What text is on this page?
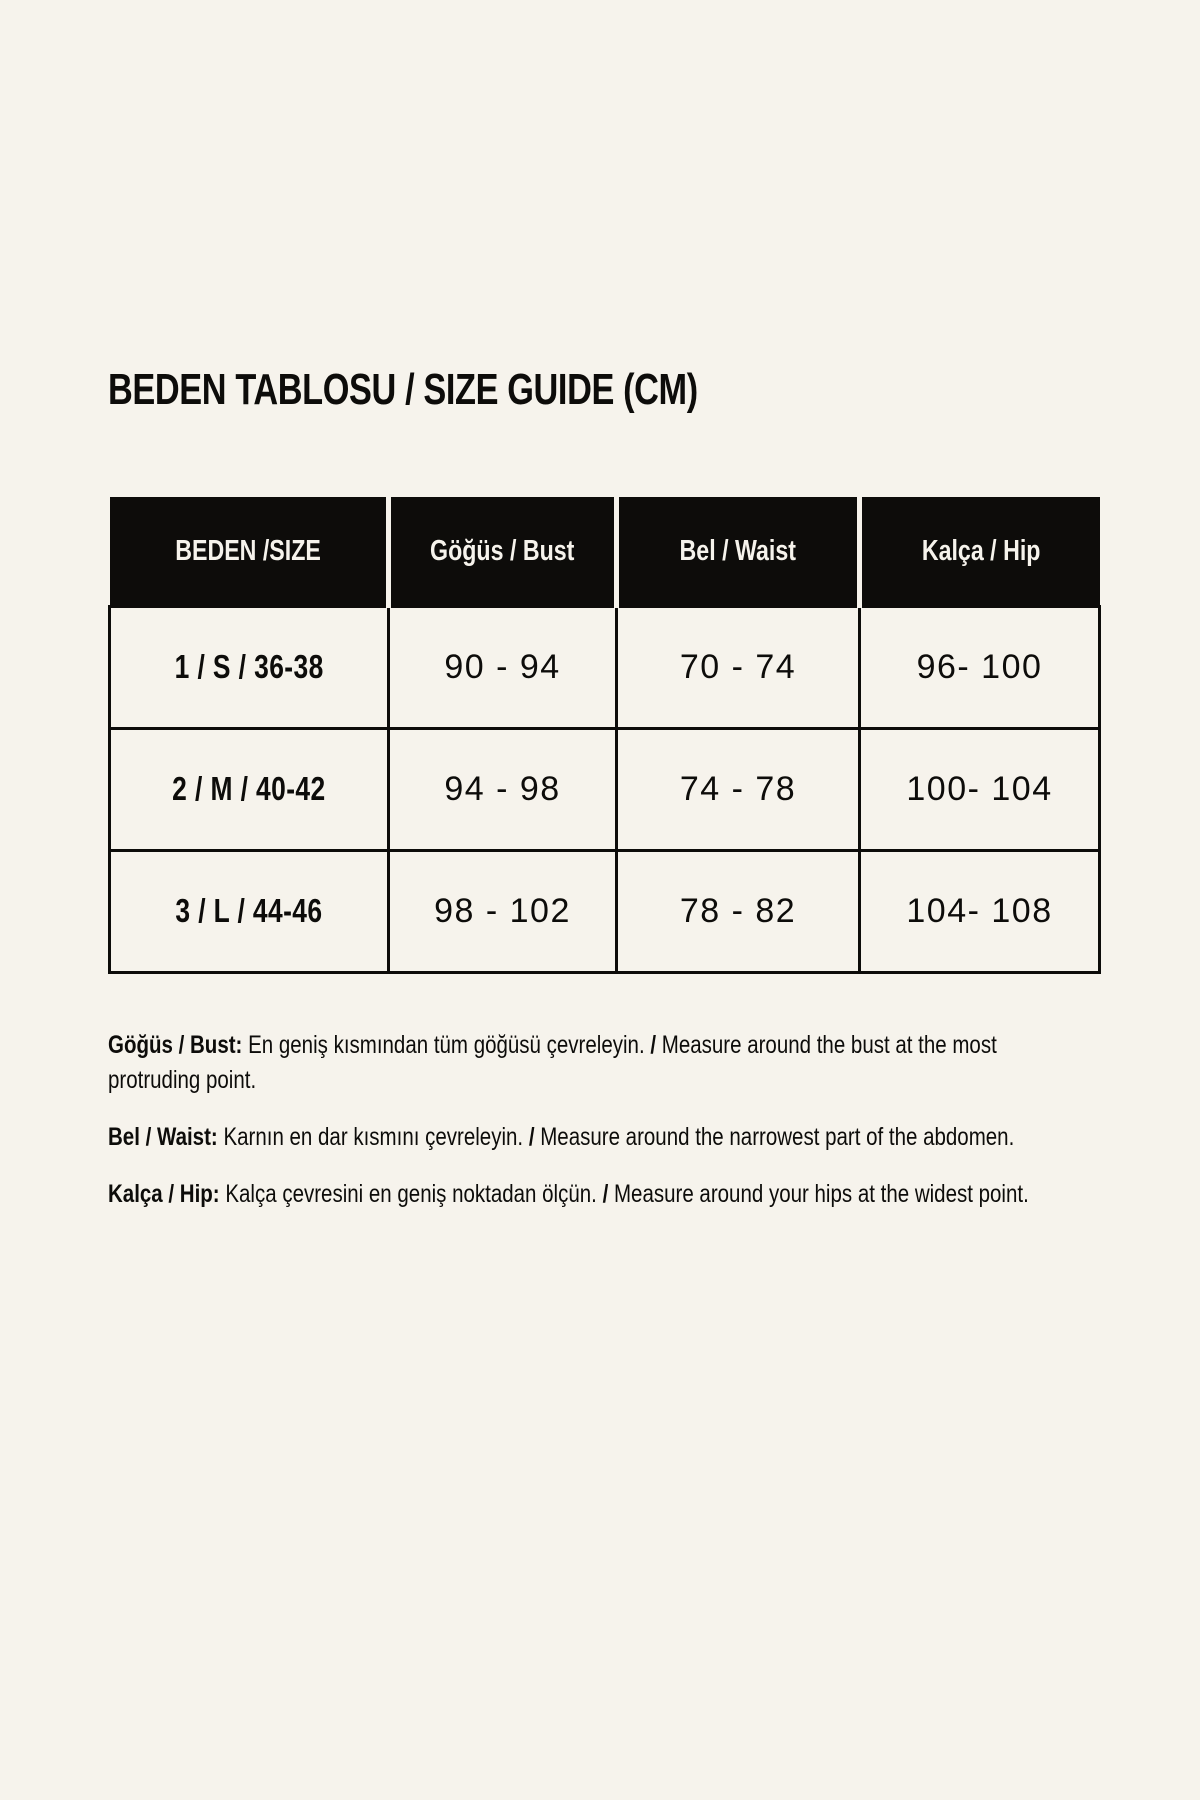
BEDEN TABLOSU / SIZE GUIDE (CM)
BEDEN /SIZE	Göğüs / Bust	Bel / Waist	Kalça / Hip
1 / S / 36-38	90 - 94	70 - 74	96- 100
2 / M / 40-42	94 - 98	74 - 78	100- 104
3 / L / 44-46	98 - 102	78 - 82	104- 108

Göğüs / Bust: En geniş kısmından tüm göğüsü çevreleyin. / Measure around the bust at the most protruding point.

Bel / Waist: Karnın en dar kısmını çevreleyin. / Measure around the narrowest part of the abdomen.

Kalça / Hip: Kalça çevresini en geniş noktadan ölçün. / Measure around your hips at the widest point.
